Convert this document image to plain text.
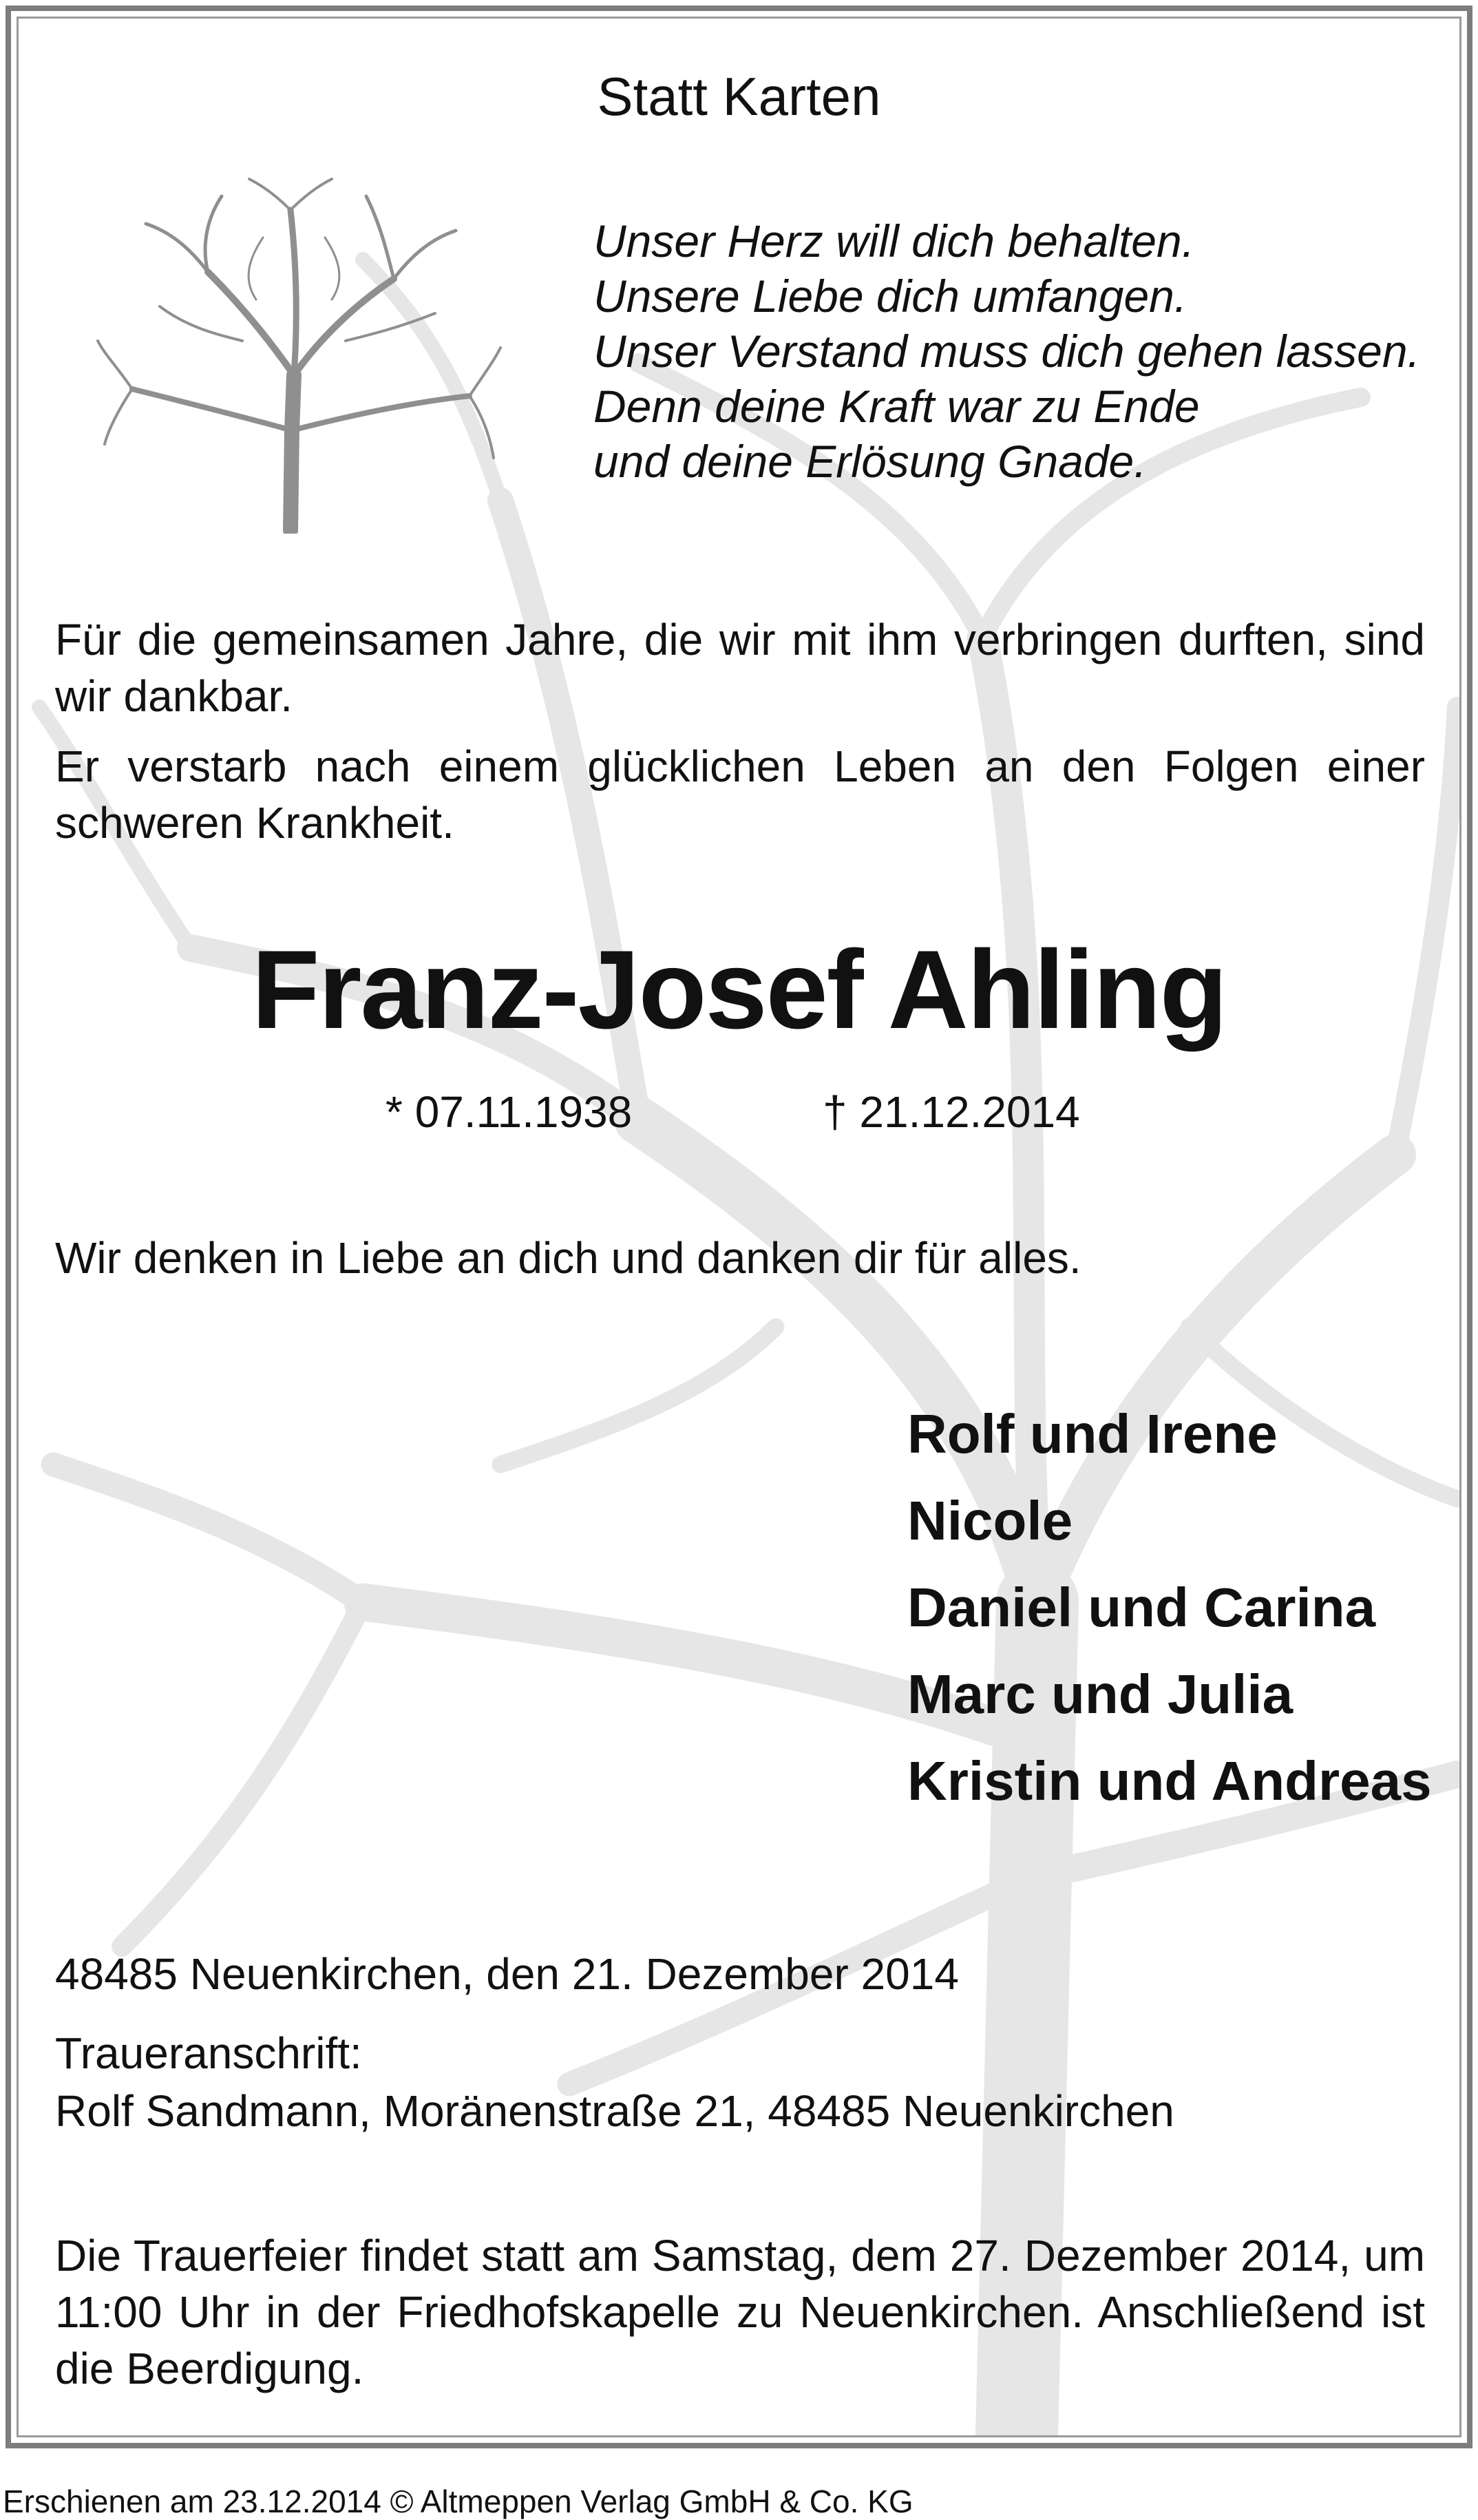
Statt Karten

Unser Herz will dich behalten.
Unsere Liebe dich umfangen.
Unser Verstand muss dich gehen lassen.
Denn deine Kraft war zu Ende
und deine Erlösung Gnade.

Für die gemeinsamen Jahre, die wir mit ihm verbringen durften, sind wir dankbar.

Er verstarb nach einem glücklichen Leben an den Folgen einer schweren Krankheit.

Franz-Josef Ahling

* 07.11.1938	† 21.12.2014

Wir denken in Liebe an dich und danken dir für alles.

Rolf und Irene
Nicole
Daniel und Carina
Marc und Julia
Kristin und Andreas

48485 Neuenkirchen, den 21. Dezember 2014

Traueranschrift:
Rolf Sandmann, Moränenstraße 21, 48485 Neuenkirchen

Die Trauerfeier findet statt am Samstag, dem 27. Dezember 2014, um 11:00 Uhr in der Friedhofskapelle zu Neuenkirchen. Anschließend ist die Beerdigung.

Erschienen am 23.12.2014 © Altmeppen Verlag GmbH & Co. KG
